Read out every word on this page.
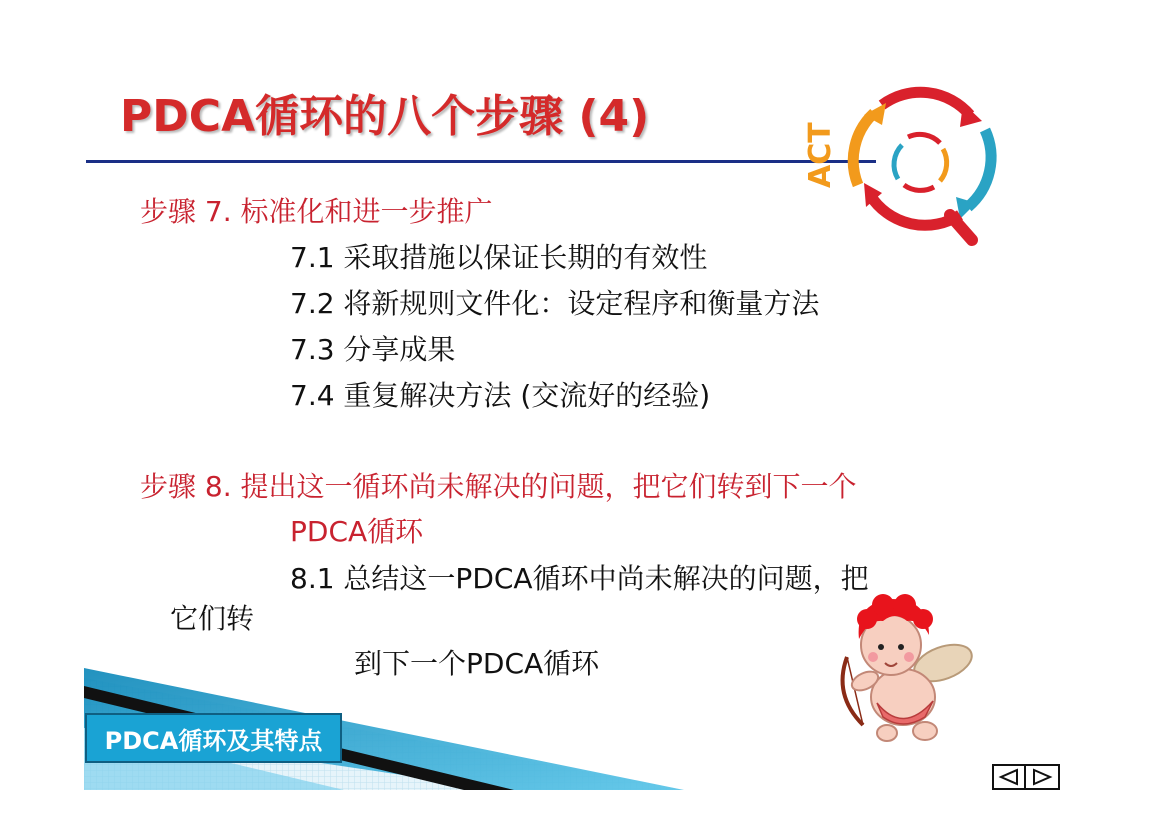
PDCA循环的八个步骤 (4)
ACT
步骤 7. 标准化和进一步推广
7.1 采取措施以保证长期的有效性
7.2 将新规则文件化：设定程序和衡量方法
7.3 分享成果
7.4 重复解决方法 (交流好的经验)
步骤 8. 提出这一循环尚未解决的问题，把它们转到下一个
PDCA循环
8.1 总结这一PDCA循环中尚未解决的问题，把
它们转
到下一个PDCA循环
PDCA循环及其特点
